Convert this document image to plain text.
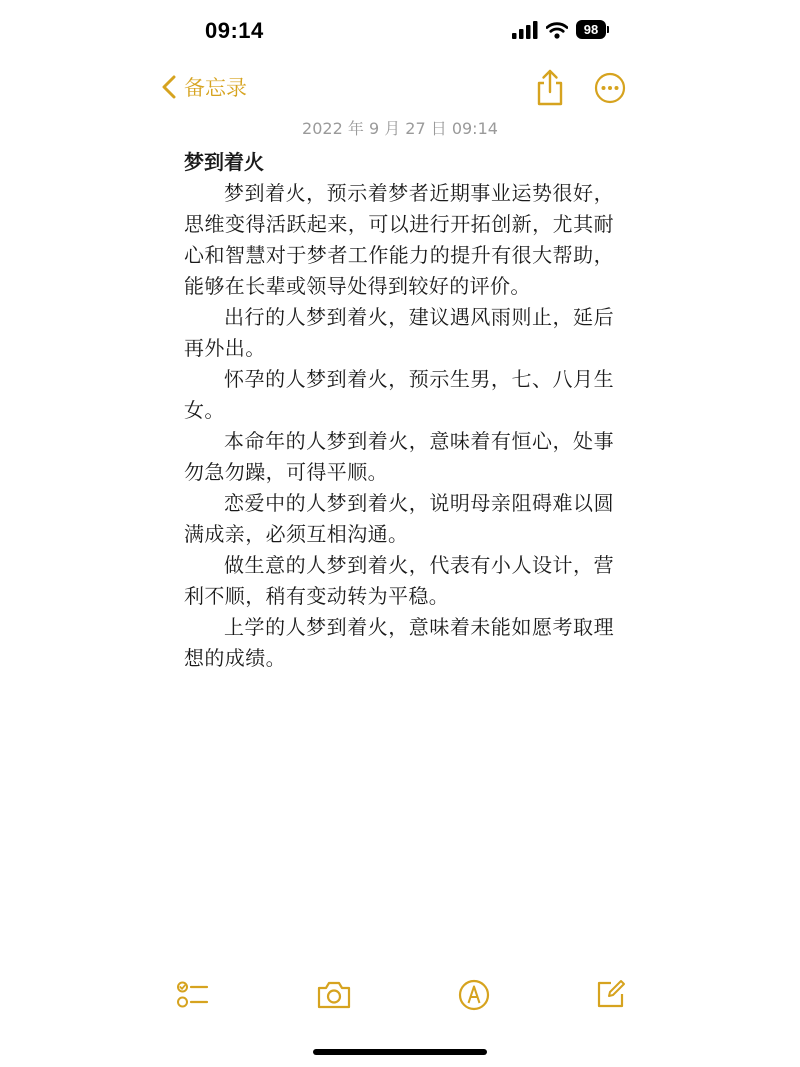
09:14	98
备忘录
2022 年 9 月 27 日 09:14

梦到着火

梦到着火，预示着梦者近期事业运势很好，思维变得活跃起来，可以进行开拓创新，尤其耐心和智慧对于梦者工作能力的提升有很大帮助，能够在长辈或领导处得到较好的评价。

出行的人梦到着火，建议遇风雨则止，延后再外出。

怀孕的人梦到着火，预示生男，七、八月生女。

本命年的人梦到着火，意味着有恒心，处事勿急勿躁，可得平顺。

恋爱中的人梦到着火，说明母亲阻碍难以圆满成亲，必须互相沟通。

做生意的人梦到着火，代表有小人设计，营利不顺，稍有变动转为平稳。

上学的人梦到着火，意味着未能如愿考取理想的成绩。
